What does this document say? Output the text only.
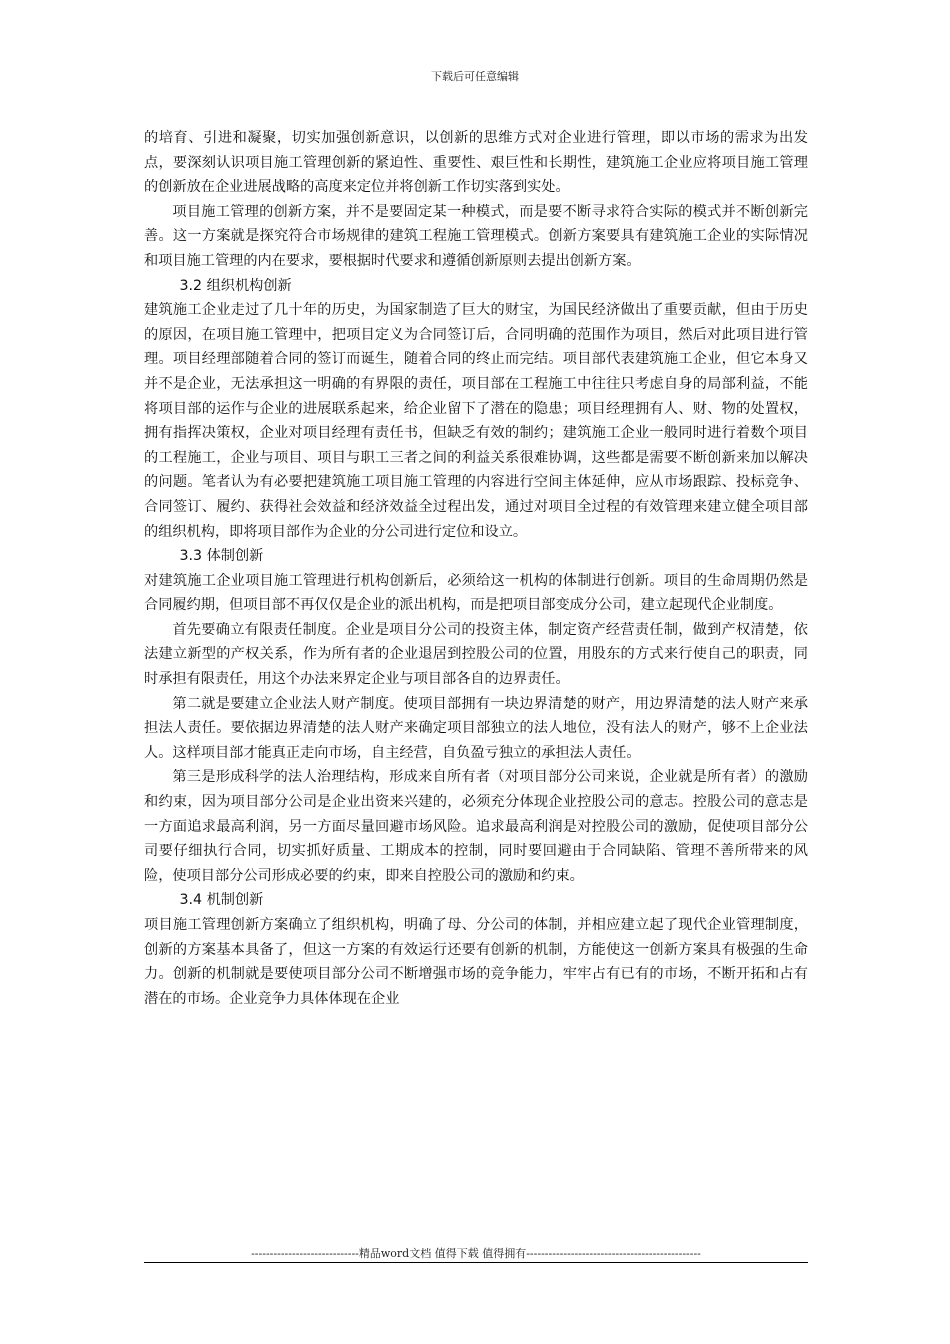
下载后可任意编辑

的培育、引进和凝聚，切实加强创新意识，以创新的思维方式对企业进行管理，即以市场的需求为出发点，要深刻认识项目施工管理创新的紧迫性、重要性、艰巨性和长期性，建筑施工企业应将项目施工管理的创新放在企业进展战略的高度来定位并将创新工作切实落到实处。

项目施工管理的创新方案，并不是要固定某一种模式，而是要不断寻求符合实际的模式并不断创新完善。这一方案就是探究符合市场规律的建筑工程施工管理模式。创新方案要具有建筑施工企业的实际情况和项目施工管理的内在要求，要根据时代要求和遵循创新原则去提出创新方案。

3.2 组织机构创新

建筑施工企业走过了几十年的历史，为国家制造了巨大的财宝，为国民经济做出了重要贡献，但由于历史的原因，在项目施工管理中，把项目定义为合同签订后，合同明确的范围作为项目，然后对此项目进行管理。项目经理部随着合同的签订而诞生，随着合同的终止而完结。项目部代表建筑施工企业，但它本身又并不是企业，无法承担这一明确的有界限的责任，项目部在工程施工中往往只考虑自身的局部利益，不能将项目部的运作与企业的进展联系起来，给企业留下了潜在的隐患；项目经理拥有人、财、物的处置权，拥有指挥决策权，企业对项目经理有责任书，但缺乏有效的制约；建筑施工企业一般同时进行着数个项目的工程施工，企业与项目、项目与职工三者之间的利益关系很难协调，这些都是需要不断创新来加以解决的问题。笔者认为有必要把建筑施工项目施工管理的内容进行空间主体延伸，应从市场跟踪、投标竞争、合同签订、履约、获得社会效益和经济效益全过程出发，通过对项目全过程的有效管理来建立健全项目部的组织机构，即将项目部作为企业的分公司进行定位和设立。

3.3 体制创新

对建筑施工企业项目施工管理进行机构创新后，必须给这一机构的体制进行创新。项目的生命周期仍然是合同履约期，但项目部不再仅仅是企业的派出机构，而是把项目部变成分公司，建立起现代企业制度。

首先要确立有限责任制度。企业是项目分公司的投资主体，制定资产经营责任制，做到产权清楚，依法建立新型的产权关系，作为所有者的企业退居到控股公司的位置，用股东的方式来行使自己的职责，同时承担有限责任，用这个办法来界定企业与项目部各自的边界责任。

第二就是要建立企业法人财产制度。使项目部拥有一块边界清楚的财产，用边界清楚的法人财产来承担法人责任。要依据边界清楚的法人财产来确定项目部独立的法人地位，没有法人的财产，够不上企业法人。这样项目部才能真正走向市场，自主经营，自负盈亏独立的承担法人责任。

第三是形成科学的法人治理结构，形成来自所有者（对项目部分公司来说，企业就是所有者）的激励和约束，因为项目部分公司是企业出资来兴建的，必须充分体现企业控股公司的意志。控股公司的意志是一方面追求最高利润，另一方面尽量回避市场风险。追求最高利润是对控股公司的激励，促使项目部分公司要仔细执行合同，切实抓好质量、工期成本的控制，同时要回避由于合同缺陷、管理不善所带来的风险，使项目部分公司形成必要的约束，即来自控股公司的激励和约束。

3.4 机制创新

项目施工管理创新方案确立了组织机构，明确了母、分公司的体制，并相应建立起了现代企业管理制度，创新的方案基本具备了，但这一方案的有效运行还要有创新的机制，方能使这一创新方案具有极强的生命力。创新的机制就是要使项目部分公司不断增强市场的竞争能力，牢牢占有已有的市场，不断开拓和占有潜在的市场。企业竞争力具体体现在企业

-----------------------------精品word文档 值得下载 值得拥有-----------------------------------------------
